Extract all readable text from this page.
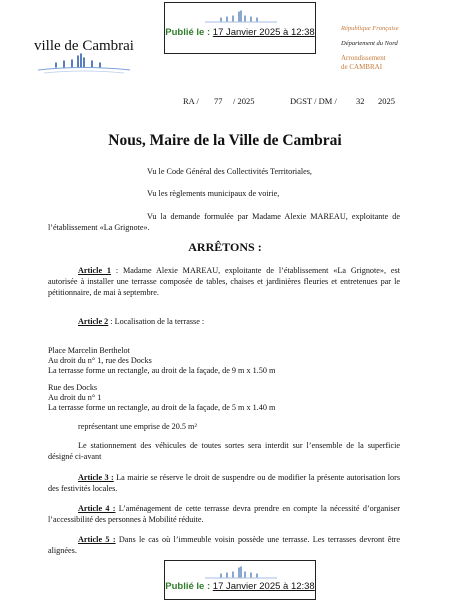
Publié le : 17 Janvier 2025 à 12:38
ville de Cambrai
République Française
Département du Nord
Arrondissement
de CAMBRAI
RA / 77 / 2025	DGST / DM / 32 2025
Nous, Maire de la Ville de Cambrai

Vu le Code Général des Collectivités Territoriales,

Vu les règlements municipaux de voirie,

Vu la demande formulée par Madame Alexie MAREAU, exploitante de l’établissement «La Grignote».

ARRÊTONS :

Article 1 : Madame Alexie MAREAU, exploitante de l’établissement «La Grignote», est autorisée à installer une terrasse composée de tables, chaises et jardinières fleuries et entretenues par le pétitionnaire, de mai à septembre.

Article 2 : Localisation de la terrasse :

Place Marcelin Berthelot
Au droit du n° 1, rue des Docks
La terrasse forme un rectangle, au droit de la façade, de 9 m x 1.50 m
Rue des Docks
Au droit du n° 1
La terrasse forme un rectangle, au droit de la façade, de 5 m x 1.40 m

représentant une emprise de 20.5 m²

Le stationnement des véhicules de toutes sortes sera interdit sur l’ensemble de la superficie désigné ci-avant

Article 3 : La mairie se réserve le droit de suspendre ou de modifier la présente autorisation lors des festivités locales.

Article 4 : L’aménagement de cette terrasse devra prendre en compte la nécessité d’organiser l’accessibilité des personnes à Mobilité réduite.

Article 5 : Dans le cas où l’immeuble voisin possède une terrasse. Les terrasses devront être alignées.

Publié le : 17 Janvier 2025 à 12:38
